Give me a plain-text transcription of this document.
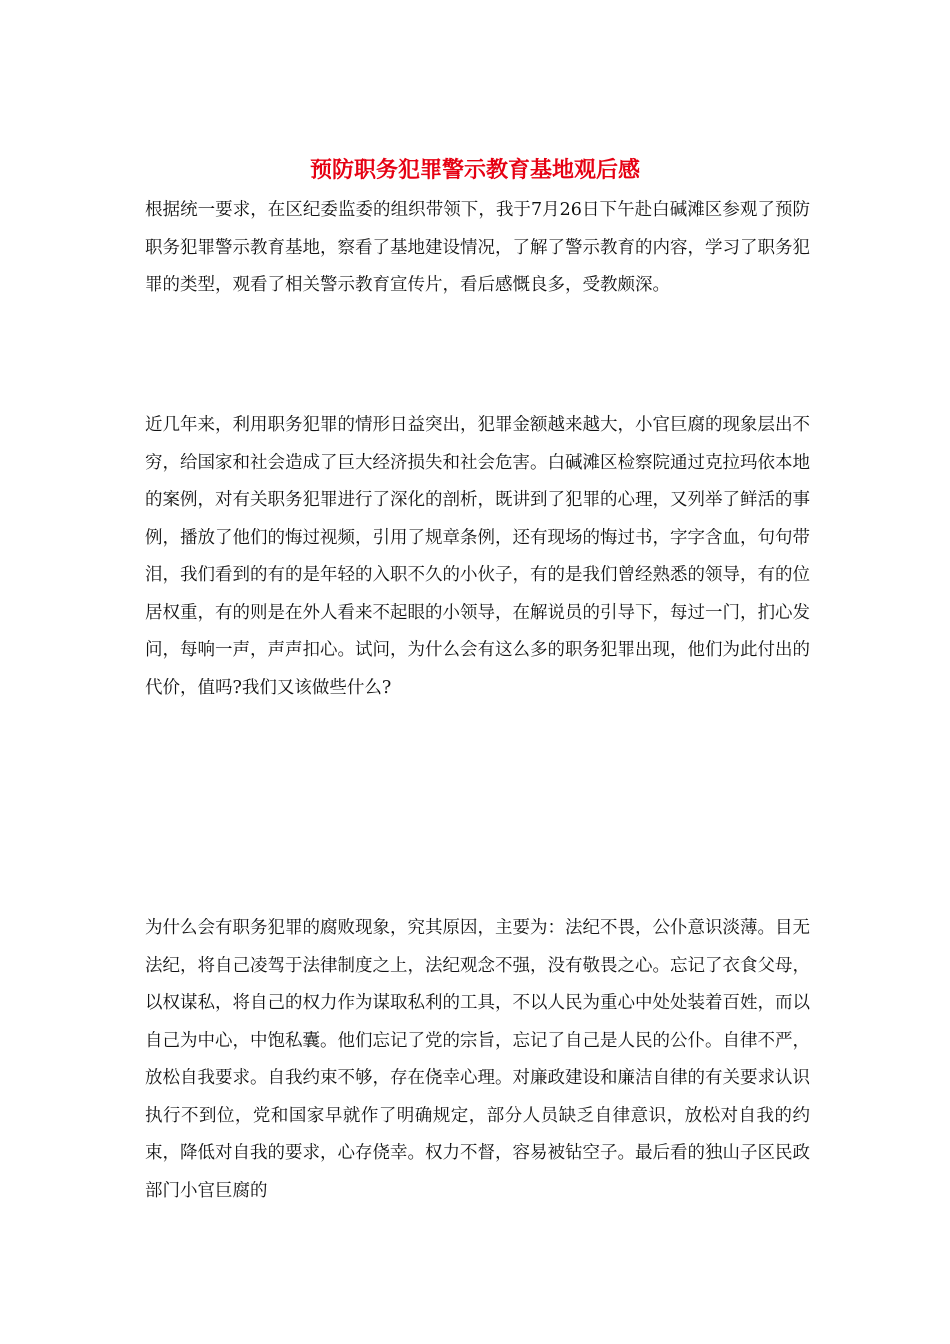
预防职务犯罪警示教育基地观后感

根据统一要求，在区纪委监委的组织带领下，我于7月26日下午赴白碱滩区参观了预防职务犯罪警示教育基地，察看了基地建设情况，了解了警示教育的内容，学习了职务犯罪的类型，观看了相关警示教育宣传片，看后感慨良多，受教颇深。

近几年来，利用职务犯罪的情形日益突出，犯罪金额越来越大，小官巨腐的现象层出不穷，给国家和社会造成了巨大经济损失和社会危害。白碱滩区检察院通过克拉玛依本地的案例，对有关职务犯罪进行了深化的剖析，既讲到了犯罪的心理，又列举了鲜活的事例，播放了他们的悔过视频，引用了规章条例，还有现场的悔过书，字字含血，句句带泪，我们看到的有的是年轻的入职不久的小伙子，有的是我们曾经熟悉的领导，有的位居权重，有的则是在外人看来不起眼的小领导，在解说员的引导下，每过一门，扪心发问，每响一声，声声扣心。试问，为什么会有这么多的职务犯罪出现，他们为此付出的代价，值吗?我们又该做些什么?

为什么会有职务犯罪的腐败现象，究其原因，主要为：法纪不畏，公仆意识淡薄。目无法纪，将自己凌驾于法律制度之上，法纪观念不强，没有敬畏之心。忘记了衣食父母，以权谋私，将自己的权力作为谋取私利的工具，不以人民为重心中处处装着百姓，而以自己为中心，中饱私囊。他们忘记了党的宗旨，忘记了自己是人民的公仆。自律不严，放松自我要求。自我约束不够，存在侥幸心理。对廉政建设和廉洁自律的有关要求认识执行不到位，党和国家早就作了明确规定，部分人员缺乏自律意识，放松对自我的约束，降低对自我的要求，心存侥幸。权力不督，容易被钻空子。最后看的独山子区民政部门小官巨腐的
